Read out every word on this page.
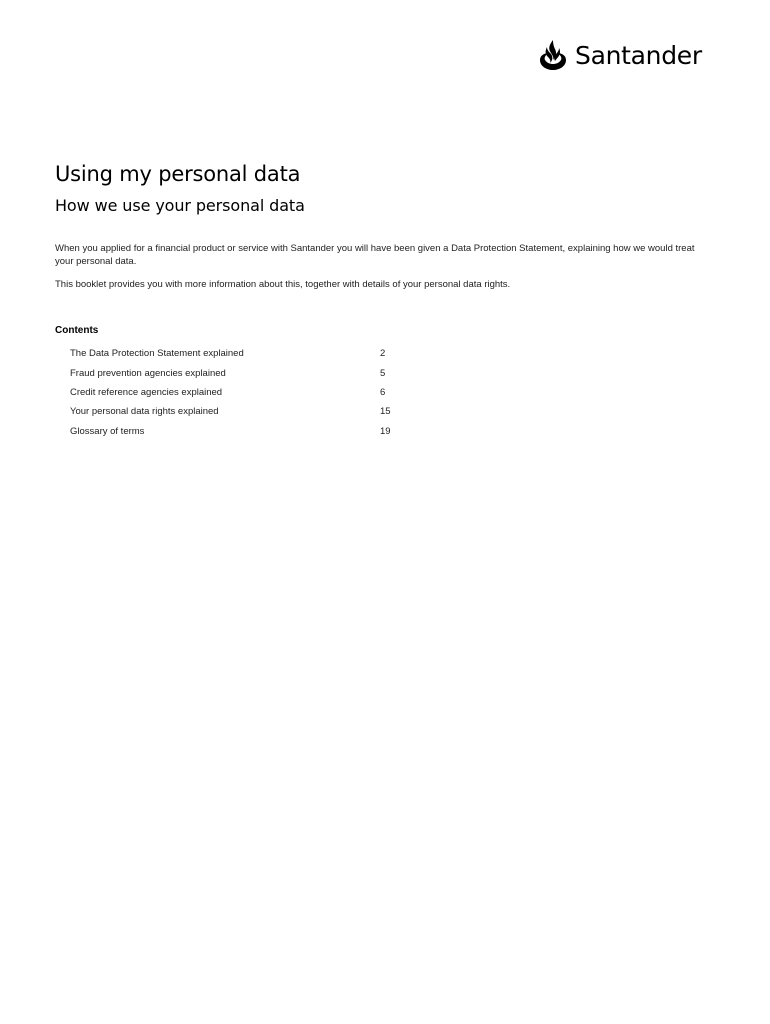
Santander
Using my personal data
How we use your personal data

When you applied for a financial product or service with Santander you will have been given a Data Protection Statement, explaining how we would treat your personal data.

This booklet provides you with more information about this, together with details of your personal data rights.

Contents

The Data Protection Statement explained	2
Fraud prevention agencies explained	5
Credit reference agencies explained	6
Your personal data rights explained	15
Glossary of terms	19
